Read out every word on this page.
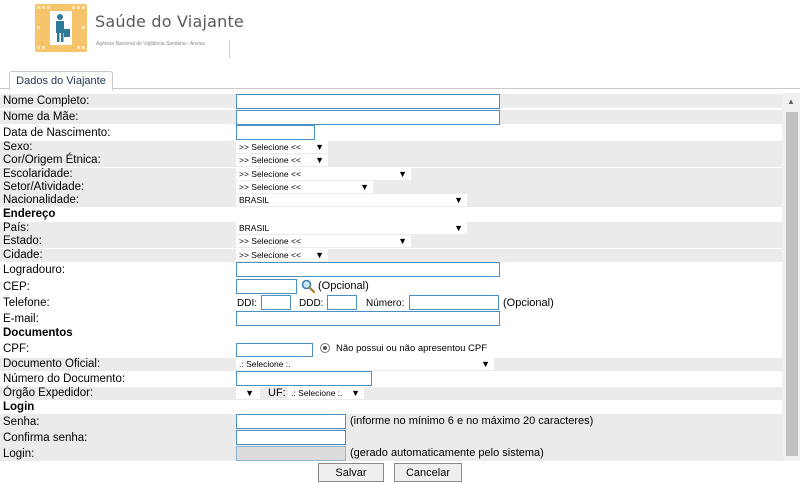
Saúde do Viajante
Agência Nacional de Vigilância Sanitária - Anvisa
Dados do Viajante
Nome Completo:
Nome da Mãe:
Data de Nascimento:
Sexo:	>> Selecione << ▼
Cor/Origem Étnica:	>> Selecione << ▼
Escolaridade:	>> Selecione <<	▼
Setor/Atividade:	>> Selecione <<	▼
Nacionalidade:	BRASIL	▼
Endereço
País:	BRASIL	▼
Estado:	>> Selecione <<	▼
Cidade:	>> Selecione << ▼
Logradouro:
CEP:	(Opcional)
Telefone:	DDI:	DDD:	Número:	(Opcional)
E-mail:
Documentos
CPF:	Não possui ou não apresentou CPF
Documento Oficial:	.: Selecione :.	▼
Número do Documento:
Órgão Expedidor:	▼ UF: .: Selecione :. ▼
Login
Senha:	(informe no mínimo 6 e no máximo 20 caracteres)
Confirma senha:
Login:	(gerado automaticamente pelo sistema)
▲
Salvar	Cancelar
